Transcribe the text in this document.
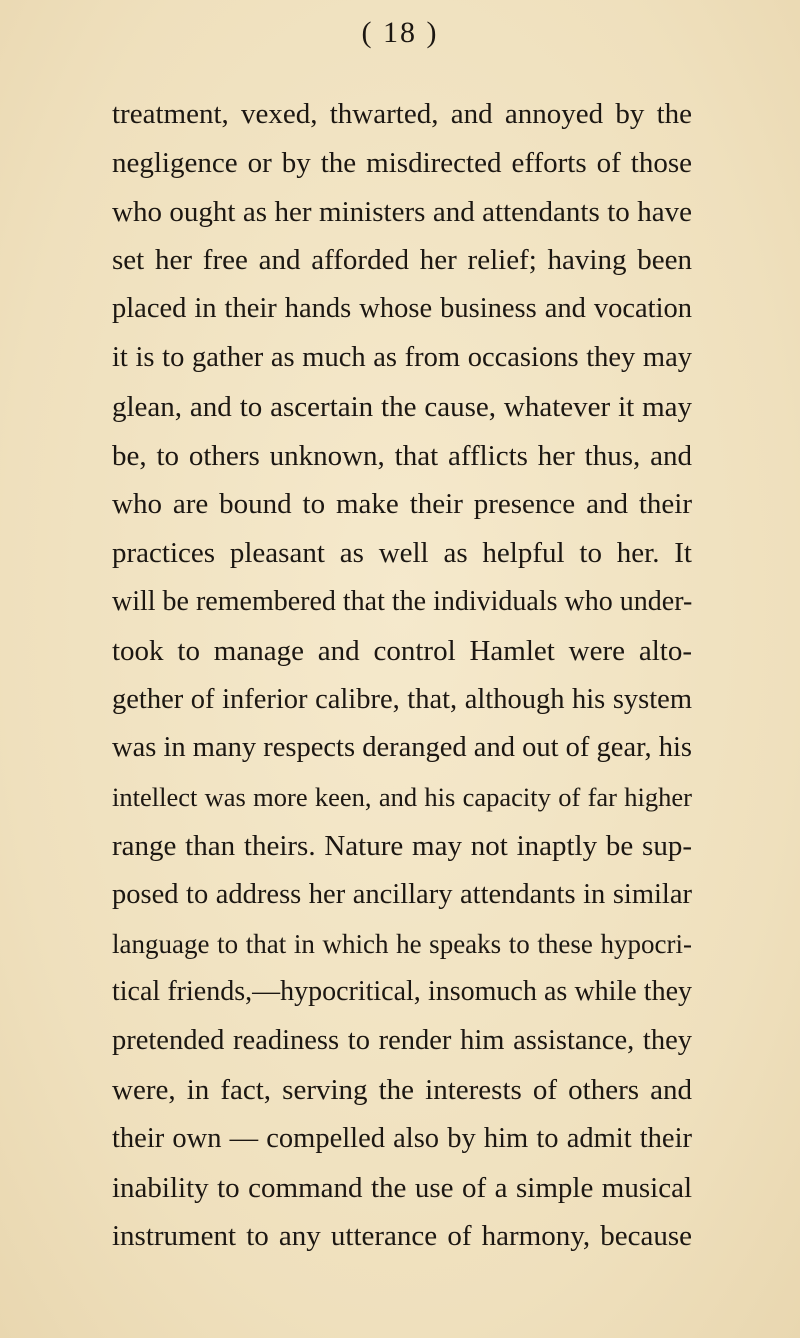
( 18 )
treatment, vexed, thwarted, and annoyed by the
negligence or by the misdirected efforts of those
who ought as her ministers and attendants to have
set her free and afforded her relief; having been
placed in their hands whose business and vocation
it is to gather as much as from occasions they may
glean, and to ascertain the cause, whatever it may
be, to others unknown, that afflicts her thus, and
who are bound to make their presence and their
practices pleasant as well as helpful to her. It
will be remembered that the individuals who under-
took to manage and control Hamlet were alto-
gether of inferior calibre, that, although his system
was in many respects deranged and out of gear, his
intellect was more keen, and his capacity of far higher
range than theirs. Nature may not inaptly be sup-
posed to address her ancillary attendants in similar
language to that in which he speaks to these hypocri-
tical friends,—hypocritical, insomuch as while they
pretended readiness to render him assistance, they
were, in fact, serving the interests of others and
their own — compelled also by him to admit their
inability to command the use of a simple musical
instrument to any utterance of harmony, because
